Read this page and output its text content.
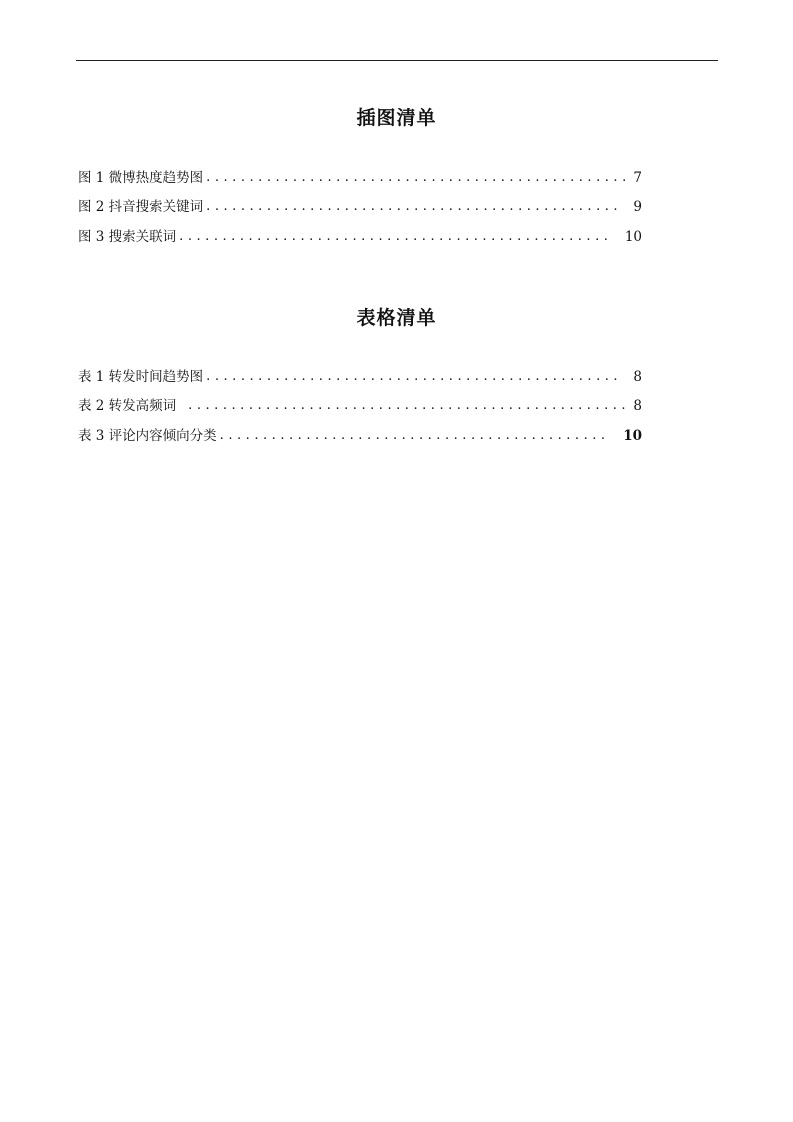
插图清单
图 1 微博热度趋势图 . . .	7
图 2 抖音搜索关键词 . . .	9
图 3 搜索关联词 . . .	10
表格清单
表 1 转发时间趋势图 . . .	8
表 2 转发高频词 . . .	8
表 3 评论内容倾向分类 . . .	10
